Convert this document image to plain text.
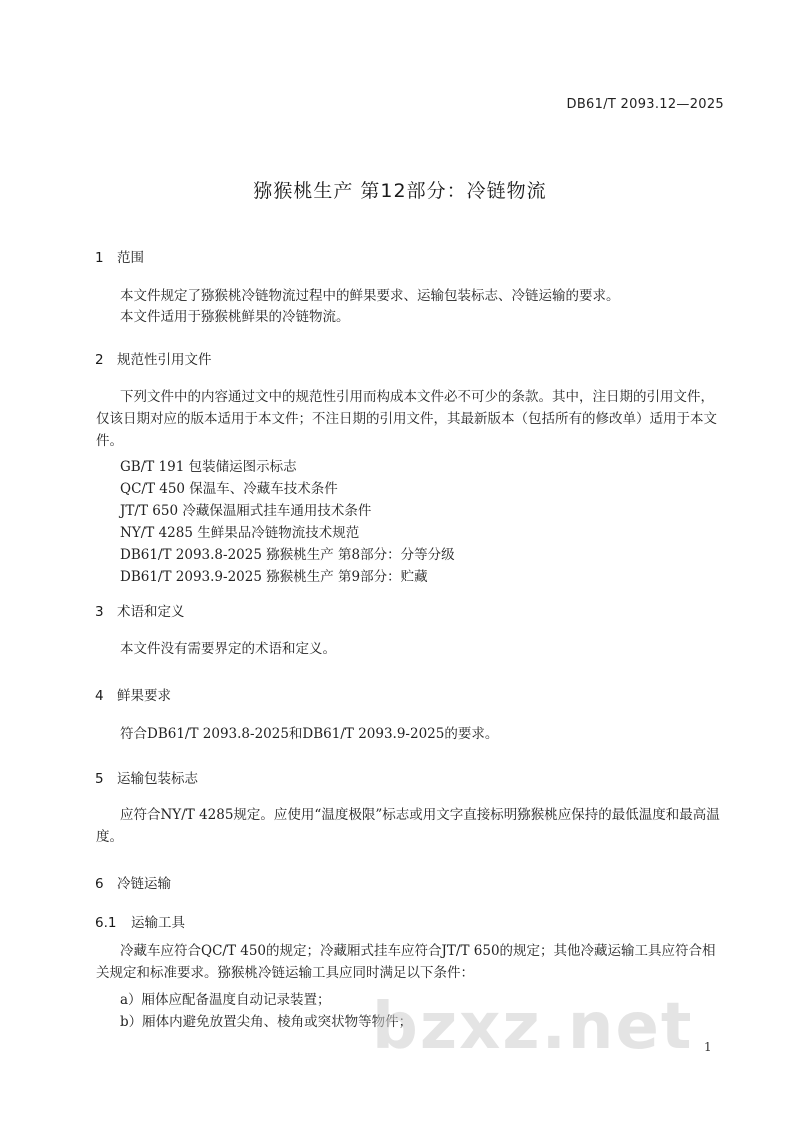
DB61/T 2093.12—2025
猕猴桃生产 第12部分：冷链物流
1 范围
本文件规定了猕猴桃冷链物流过程中的鲜果要求、运输包装标志、冷链运输的要求。
本文件适用于猕猴桃鲜果的冷链物流。
2 规范性引用文件
下列文件中的内容通过文中的规范性引用而构成本文件必不可少的条款。其中，注日期的引用文件，仅该日期对应的版本适用于本文件；不注日期的引用文件，其最新版本（包括所有的修改单）适用于本文件。
GB/T 191 包装储运图示标志
QC/T 450 保温车、冷藏车技术条件
JT/T 650 冷藏保温厢式挂车通用技术条件
NY/T 4285 生鲜果品冷链物流技术规范
DB61/T 2093.8-2025 猕猴桃生产 第8部分：分等分级
DB61/T 2093.9-2025 猕猴桃生产 第9部分：贮藏
3 术语和定义
本文件没有需要界定的术语和定义。
4 鲜果要求
符合DB61/T 2093.8-2025和DB61/T 2093.9-2025的要求。
5 运输包装标志
应符合NY/T 4285规定。应使用“温度极限”标志或用文字直接标明猕猴桃应保持的最低温度和最高温度。
6 冷链运输
6.1 运输工具
冷藏车应符合QC/T 450的规定；冷藏厢式挂车应符合JT/T 650的规定；其他冷藏运输工具应符合相关规定和标准要求。猕猴桃冷链运输工具应同时满足以下条件：
a）厢体应配备温度自动记录装置；
b）厢体内避免放置尖角、棱角或突状物等物件；
bzxz.net 1
